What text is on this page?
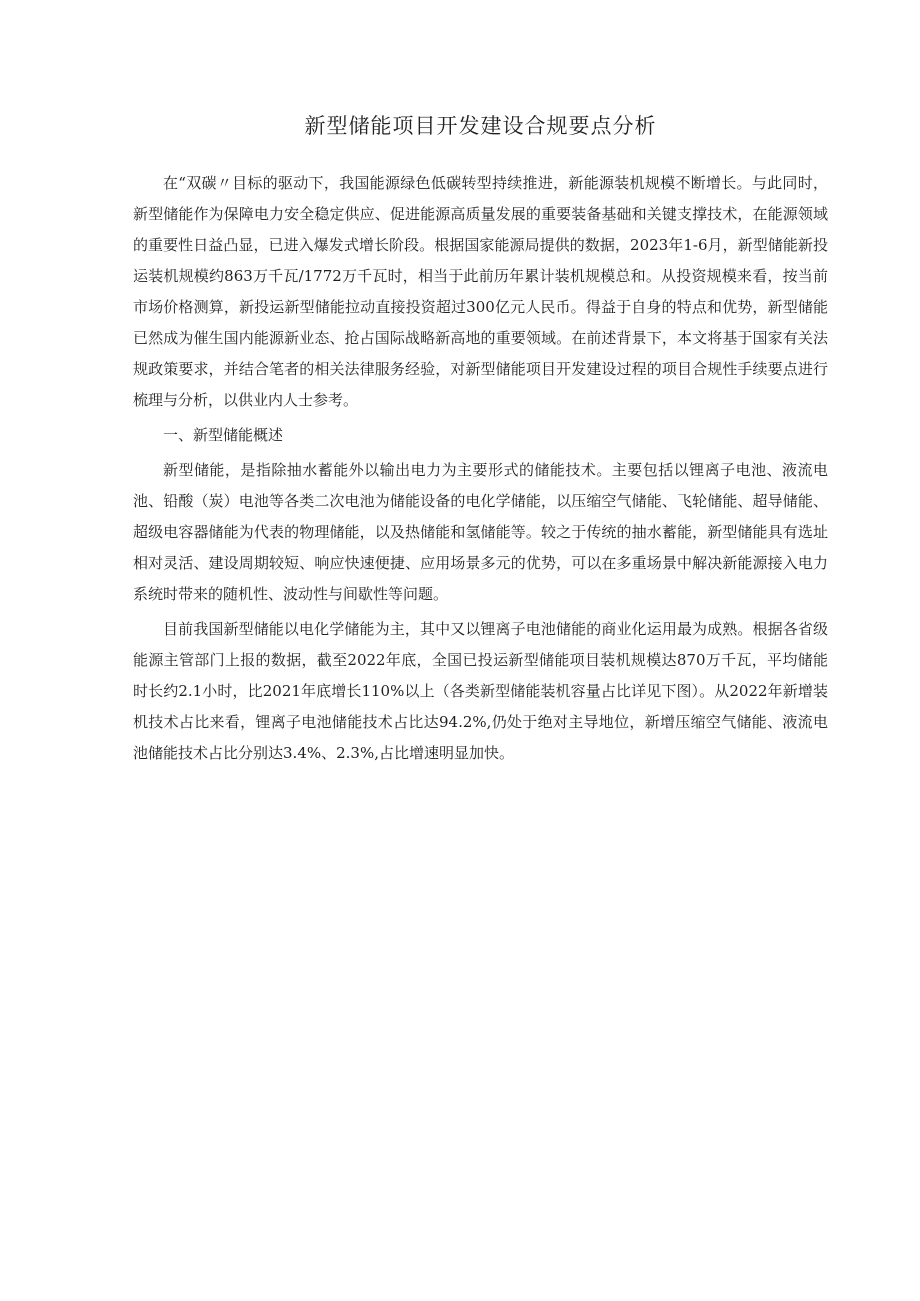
新型储能项目开发建设合规要点分析

在“双碳〃目标的驱动下，我国能源绿色低碳转型持续推进，新能源装机规模不断增长。与此同时，新型储能作为保障电力安全稳定供应、促进能源高质量发展的重要装备基础和关键支撑技术，在能源领域的重要性日益凸显，已进入爆发式增长阶段。根据国家能源局提供的数据，2023年1-6月，新型储能新投运装机规模约863万千瓦/1772万千瓦时，相当于此前历年累计装机规模总和。从投资规模来看，按当前市场价格测算，新投运新型储能拉动直接投资超过300亿元人民币。得益于自身的特点和优势，新型储能已然成为催生国内能源新业态、抢占国际战略新高地的重要领域。在前述背景下，本文将基于国家有关法规政策要求，并结合笔者的相关法律服务经验，对新型储能项目开发建设过程的项目合规性手续要点进行梳理与分析，以供业内人士参考。

一、新型储能概述

新型储能，是指除抽水蓄能外以输出电力为主要形式的储能技术。主要包括以锂离子电池、液流电池、铅酸（炭）电池等各类二次电池为储能设备的电化学储能，以压缩空气储能、飞轮储能、超导储能、超级电容器储能为代表的物理储能，以及热储能和氢储能等。较之于传统的抽水蓄能，新型储能具有选址相对灵活、建设周期较短、响应快速便捷、应用场景多元的优势，可以在多重场景中解决新能源接入电力系统时带来的随机性、波动性与间歇性等问题。

目前我国新型储能以电化学储能为主，其中又以锂离子电池储能的商业化运用最为成熟。根据各省级能源主管部门上报的数据，截至2022年底，全国已投运新型储能项目装机规模达870万千瓦，平均储能时长约2.1小时，比2021年底增长110%以上（各类新型储能装机容量占比详见下图）。从2022年新增装机技术占比来看，锂离子电池储能技术占比达94.2%,仍处于绝对主导地位，新增压缩空气储能、液流电池储能技术占比分别达3.4%、2.3%,占比增速明显加快。
